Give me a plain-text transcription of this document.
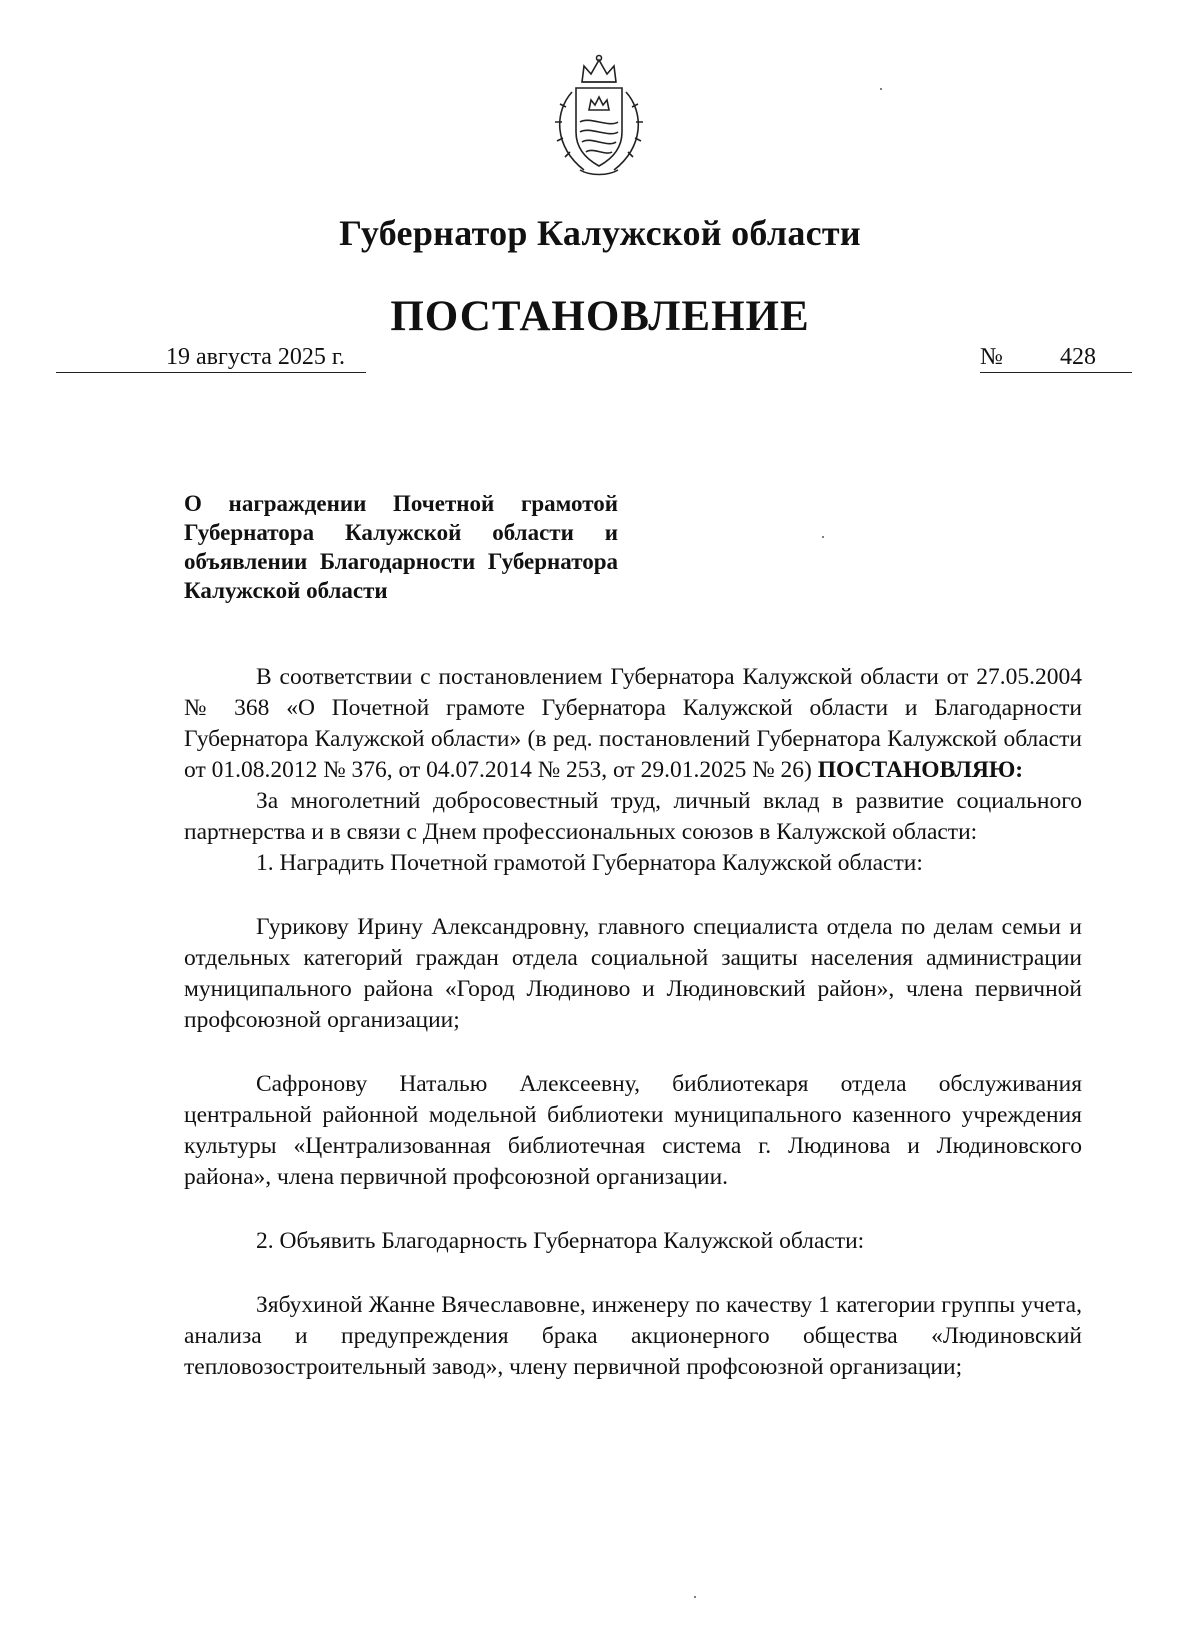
Губернатор Калужской области
ПОСТАНОВЛЕНИЕ
19 августа 2025 г.	№ 428
О награждении Почетной грамотой Губернатора Калужской области и объявлении Благодарности Губернатора Калужской области

В соответствии с постановлением Губернатора Калужской области от 27.05.2004 № 368 «О Почетной грамоте Губернатора Калужской области и Благодарности Губернатора Калужской области» (в ред. постановлений Губернатора Калужской области от 01.08.2012 № 376, от 04.07.2014 № 253, от 29.01.2025 № 26) ПОСТАНОВЛЯЮ:

За многолетний добросовестный труд, личный вклад в развитие социального партнерства и в связи с Днем профессиональных союзов в Калужской области:

1. Наградить Почетной грамотой Губернатора Калужской области:

Гурикову Ирину Александровну, главного специалиста отдела по делам семьи и отдельных категорий граждан отдела социальной защиты населения администрации муниципального района «Город Людиново и Людиновский район», члена первичной профсоюзной организации;

Сафронову Наталью Алексеевну, библиотекаря отдела обслуживания центральной районной модельной библиотеки муниципального казенного учреждения культуры «Централизованная библиотечная система г. Людинова и Людиновского района», члена первичной профсоюзной организации.

2. Объявить Благодарность Губернатора Калужской области:

Зябухиной Жанне Вячеславовне, инженеру по качеству 1 категории группы учета, анализа и предупреждения брака акционерного общества «Людиновский тепловозостроительный завод», члену первичной профсоюзной организации;
